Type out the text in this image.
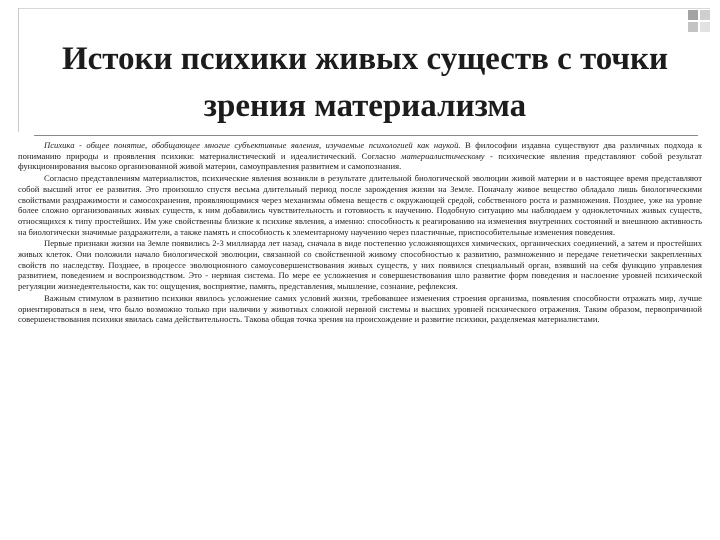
Истоки психики живых существ с точки зрения материализма

Психика - общее понятие, обобщающее многие субъективные явления, изучаемые психологией как наукой. В философии издавна существуют два различных подхода к пониманию природы и проявления психики: материалистический и идеалистический. Согласно материалистическому - психические явления представляют собой результат функционирования высоко организованной живой материи, самоуправления развитием и самопознания.

Согласно представлениям материалистов, психические явления возникли в результате длительной биологической эволюции живой материи и в настоящее время представляют собой высший итог ее развития. Это произошло спустя весьма длительный период после зарождения жизни на Земле. Поначалу живое вещество обладало лишь биологическими свойствами раздражимости и самосохранения, проявляющимися через механизмы обмена веществ с окружающей средой, собственного роста и размножения. Позднее, уже на уровне более сложно организованных живых существ, к ним добавились чувствительность и готовность к научению. Подобную ситуацию мы наблюдаем у одноклеточных живых существ, относящихся к типу простейших. Им уже свойственны близкие к психике явления, а именно: способность к реагированию на изменения внутренних состояний и внешнюю активность на биологически значимые раздражители, а также память и способность к элементарному научению через пластичные, приспособительные изменения поведения.

Первые признаки жизни на Земле появились 2-3 миллиарда лет назад, сначала в виде постепенно усложняющихся химических, органических соединений, а затем и простейших живых клеток. Они положили начало биологической эволюции, связанной со свойственной живому способностью к развитию, размножению и передаче генетически закрепленных свойств по наследству. Позднее, в процессе эволюционного самоусовершенствования живых существ, у них появился специальный орган, взявший на себя функцию управления развитием, поведением и воспроизводством. Это - нервная система. По мере ее усложнения и совершенствования шло развитие форм поведения и наслоение уровней психической регуляции жизнедеятельности, как то: ощущения, восприятие, память, представления, мышление, сознание, рефлексия.

Важным стимулом в развитию психики явилось усложнение самих условий жизни, требовавшее изменения строения организма, появления способности отражать мир, лучше ориентироваться в нем, что было возможно только при наличии у животных сложной нервной системы и высших уровней психического отражения. Таким образом, первопричиной совершенствования психики явилась сама действительность. Такова общая точка зрения на происхождение и развитие психики, разделяемая материалистами.
